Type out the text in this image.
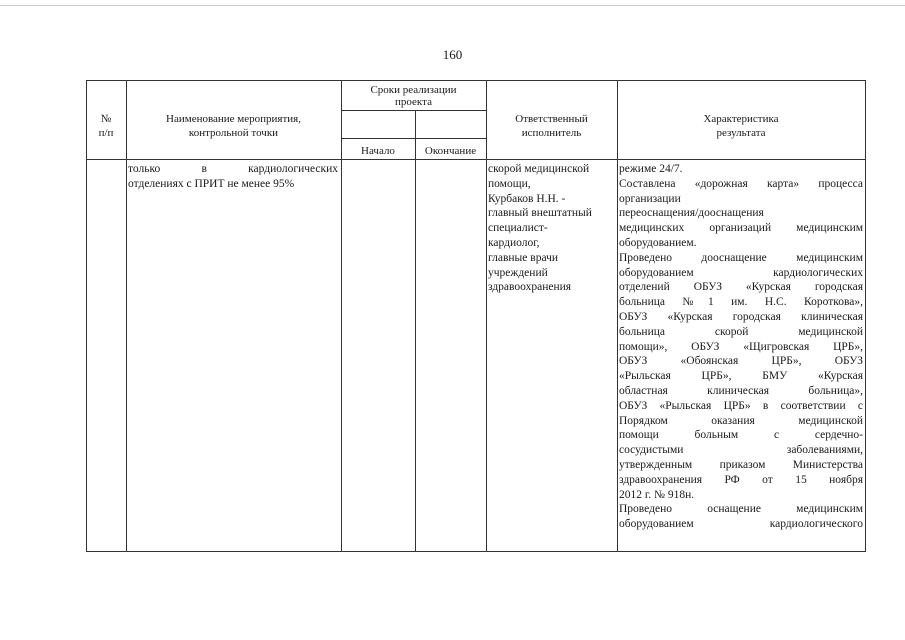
160
№
п/п
Наименование мероприятия,
контрольной точки
Сроки реализации
проекта
Начало	Окончание
Ответственный
исполнитель
Характеристика
результата

только в кардиологических

отделениях с ПРИТ не менее 95%

скорой медицинской

помощи,

Курбаков Н.Н. -

главный внештатный

специалист-

кардиолог,

главные врачи

учреждений

здравоохранения

режиме 24/7.

Составлена «дорожная карта» процесса

организации

переоснащения/дооснащения

медицинских организаций медицинским

оборудованием.

Проведено дооснащение медицинским

оборудованием кардиологических

отделений ОБУЗ «Курская городская

больница №1 им. Н.С. Короткова»,

ОБУЗ «Курская городская клиническая

больница скорой медицинской

помощи», ОБУЗ «Щигровская ЦРБ»,

ОБУЗ «Обоянская ЦРБ», ОБУЗ

«Рыльская ЦРБ», БМУ «Курская

областная клиническая больница»,

ОБУЗ «Рыльская ЦРБ» в соответствии с

Порядком оказания медицинской

помощи больным с сердечно-

сосудистыми заболеваниями,

утвержденным приказом Министерства

здравоохранения РФ от 15 ноября

2012 г. № 918н.

Проведено оснащение медицинским

оборудованием кардиологического
